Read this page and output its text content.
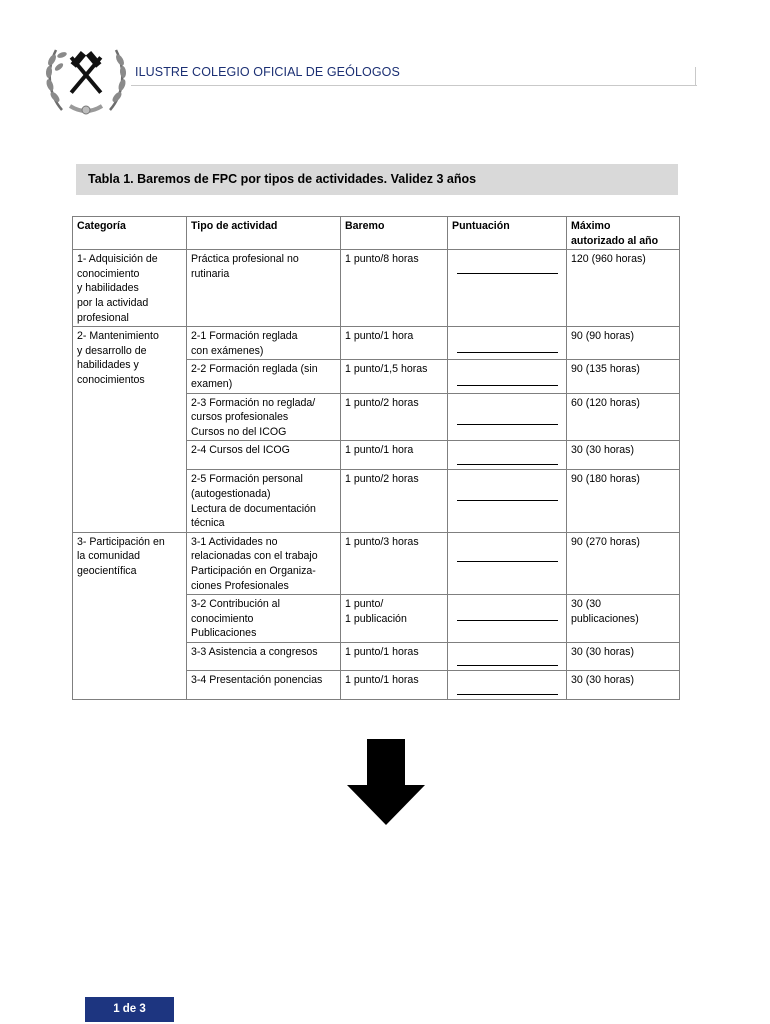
ILUSTRE COLEGIO OFICIAL DE GEÓLOGOS
Tabla 1. Baremos de FPC por tipos de actividades. Validez 3 años
Categoría	Tipo de actividad	Baremo	Puntuación	Máximo
autorizado al año
1- Adquisición de
conocimiento
y habilidades
por la actividad
profesional	Práctica profesional no
rutinaria	1 punto/8 horas		120 (960 horas)
2- Mantenimiento
y desarrollo de
habilidades y
conocimientos	2-1 Formación reglada
con exámenes)	1 punto/1 hora		90 (90 horas)
	2-2 Formación reglada (sin
examen)	1 punto/1,5 horas		90 (135 horas)
	2-3 Formación no reglada/
cursos profesionales
Cursos no del ICOG	1 punto/2 horas		60 (120 horas)
	2-4 Cursos del ICOG	1 punto/1 hora		30 (30 horas)
	2-5 Formación personal
(autogestionada)
Lectura de documentación
técnica	1 punto/2 horas		90 (180 horas)
3- Participación en
la comunidad
geocientífica	3-1 Actividades no
relacionadas con el trabajo
Participación en Organiza-
ciones Profesionales	1 punto/3 horas		90 (270 horas)
	3-2 Contribución al
conocimiento
Publicaciones	1 punto/
1 publicación		30 (30
publicaciones)
	3-3 Asistencia a congresos	1 punto/1 horas		30 (30 horas)
	3-4 Presentación ponencias	1 punto/1 horas		30 (30 horas)
1 de 3
